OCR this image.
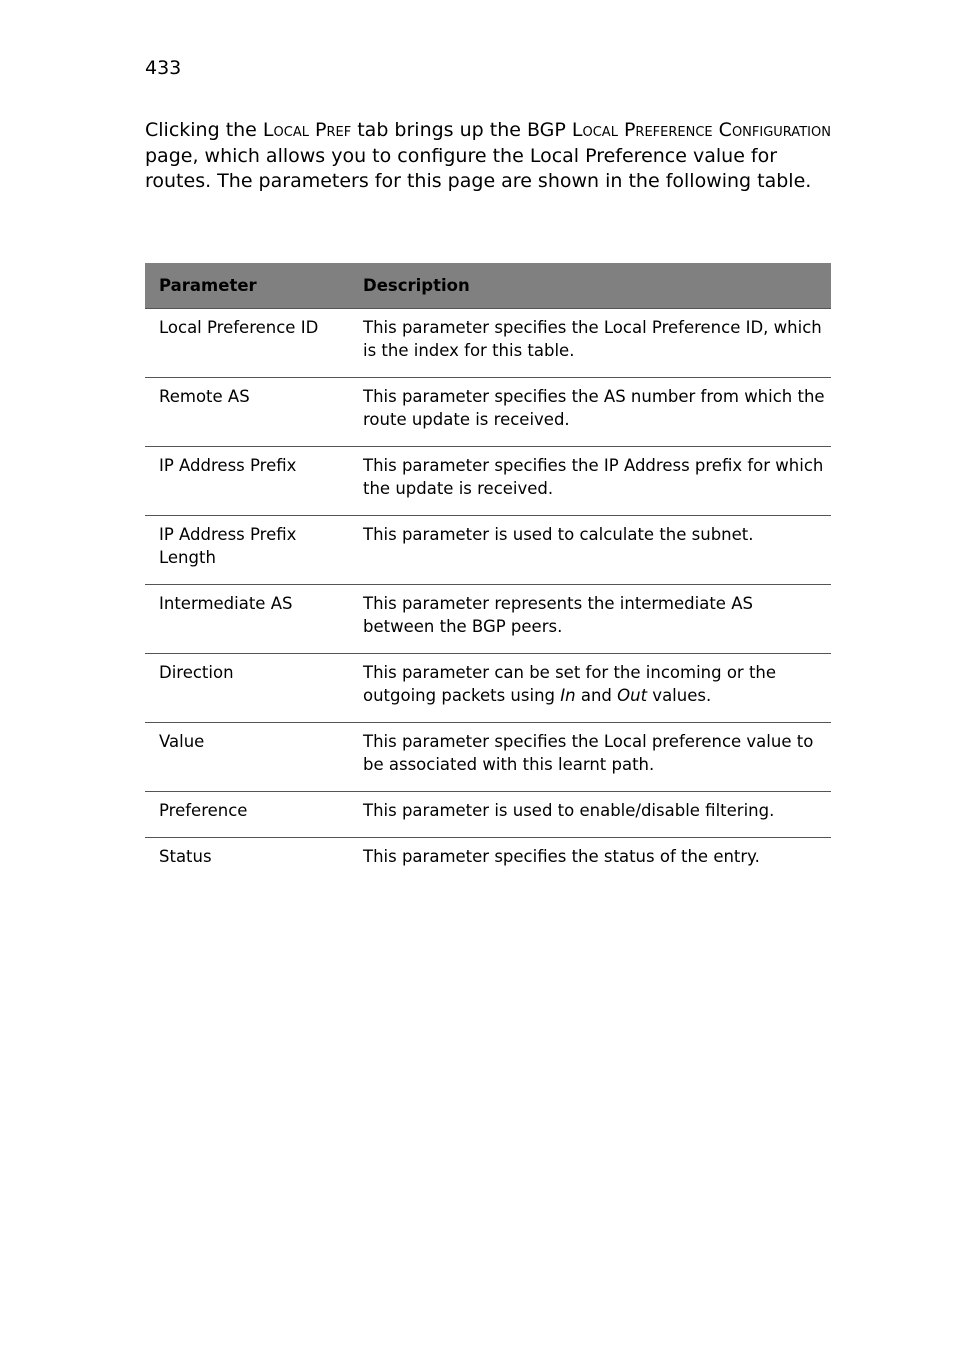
433

Clicking the Local Pref tab brings up the BGP Local Preference Configuration page, which allows you to configure the Local Preference value for routes. The parameters for this page are shown in the following table.

Parameter	Description
Local Preference ID	This parameter specifies the Local Preference ID, which is the index for this table.
Remote AS	This parameter specifies the AS number from which the route update is received.
IP Address Prefix	This parameter specifies the IP Address prefix for which the update is received.
IP Address Prefix Length	This parameter is used to calculate the subnet.
Intermediate AS	This parameter represents the intermediate AS between the BGP peers.
Direction	This parameter can be set for the incoming or the outgoing packets using In and Out values.
Value	This parameter specifies the Local preference value to be associated with this learnt path.
Preference	This parameter is used to enable/disable filtering.
Status	This parameter specifies the status of the entry.
